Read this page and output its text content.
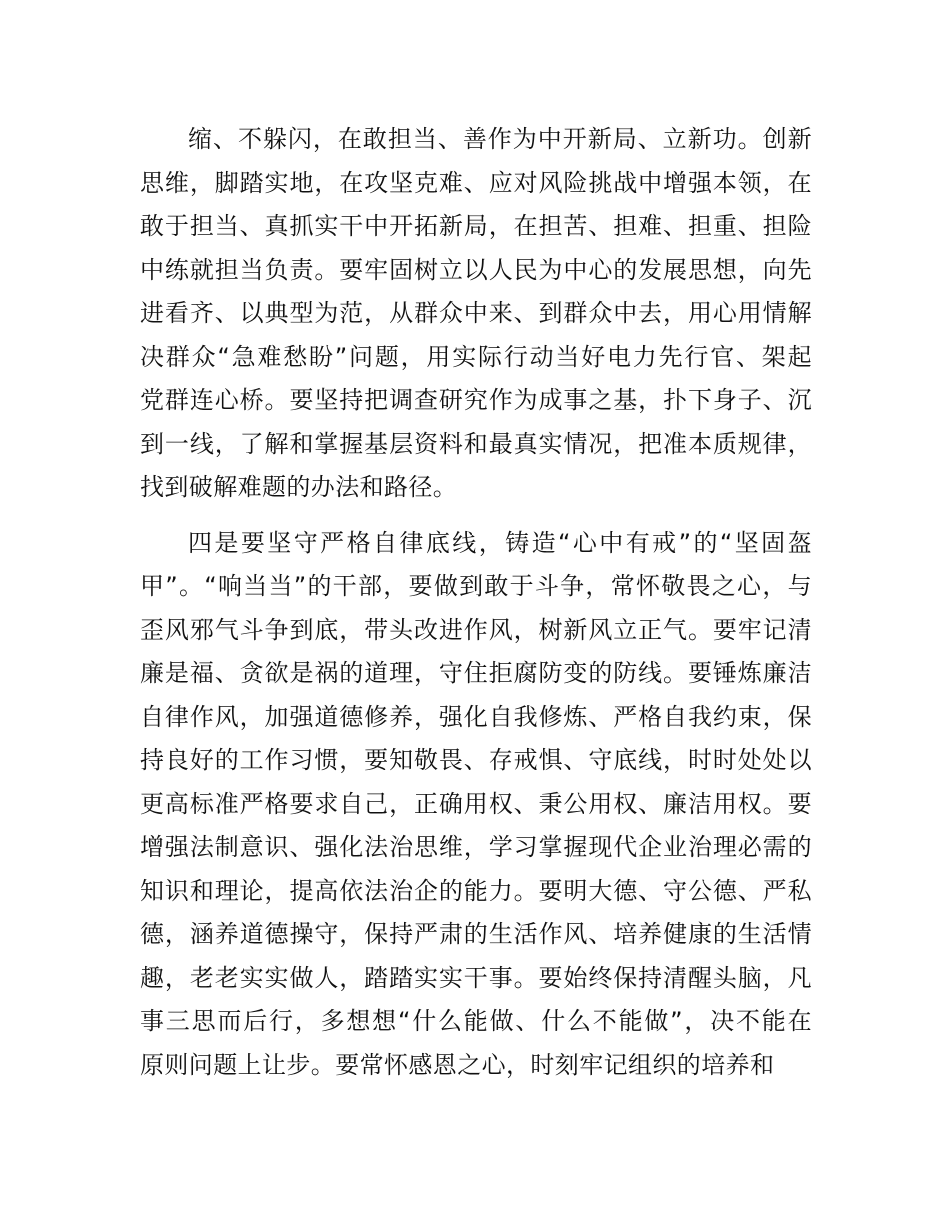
缩、不躲闪，在敢担当、善作为中开新局、立新功。创新
思维，脚踏实地，在攻坚克难、应对风险挑战中增强本领，在
敢于担当、真抓实干中开拓新局，在担苦、担难、担重、担险
中练就担当负责。要牢固树立以人民为中心的发展思想，向先
进看齐、以典型为范，从群众中来、到群众中去，用心用情解
决群众“急难愁盼”问题，用实际行动当好电力先行官、架起
党群连心桥。要坚持把调查研究作为成事之基，扑下身子、沉
到一线，了解和掌握基层资料和最真实情况，把准本质规律，
找到破解难题的办法和路径。
四是要坚守严格自律底线，铸造“心中有戒”的“坚固盔
甲”。“响当当”的干部，要做到敢于斗争，常怀敬畏之心，与
歪风邪气斗争到底，带头改进作风，树新风立正气。要牢记清
廉是福、贪欲是祸的道理，守住拒腐防变的防线。要锤炼廉洁
自律作风，加强道德修养，强化自我修炼、严格自我约束，保
持良好的工作习惯，要知敬畏、存戒惧、守底线，时时处处以
更高标准严格要求自己，正确用权、秉公用权、廉洁用权。要
增强法制意识、强化法治思维，学习掌握现代企业治理必需的
知识和理论，提高依法治企的能力。要明大德、守公德、严私
德，涵养道德操守，保持严肃的生活作风、培养健康的生活情
趣，老老实实做人，踏踏实实干事。要始终保持清醒头脑，凡
事三思而后行，多想想“什么能做、什么不能做”，决不能在
原则问题上让步。要常怀感恩之心，时刻牢记组织的培养和
